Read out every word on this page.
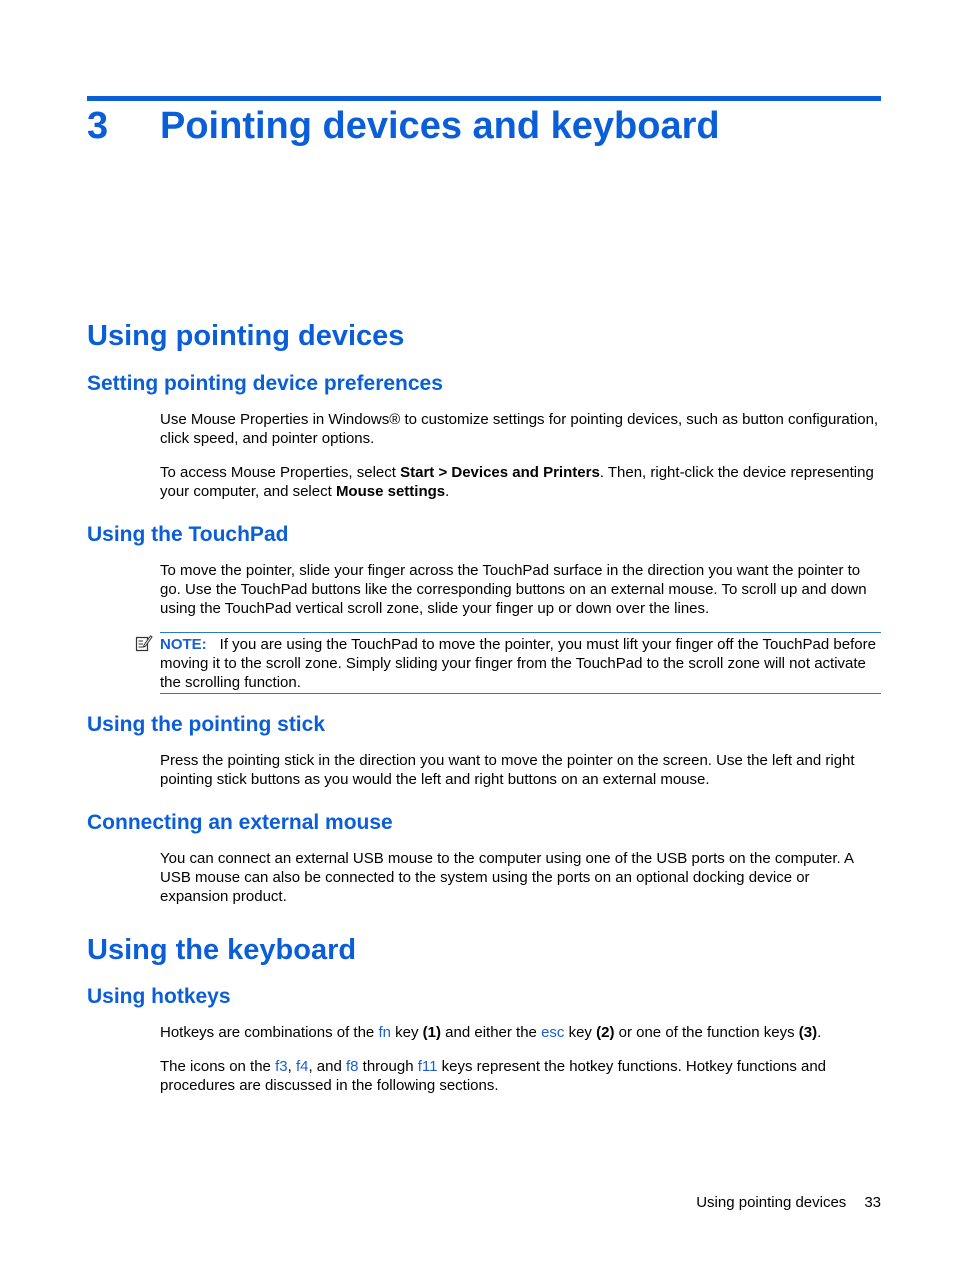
3 Pointing devices and keyboard
Using pointing devices
Setting pointing device preferences

Use Mouse Properties in Windows® to customize settings for pointing devices, such as button configuration, click speed, and pointer options.

To access Mouse Properties, select Start > Devices and Printers. Then, right-click the device representing your computer, and select Mouse settings.

Using the TouchPad

To move the pointer, slide your finger across the TouchPad surface in the direction you want the pointer to go. Use the TouchPad buttons like the corresponding buttons on an external mouse. To scroll up and down using the TouchPad vertical scroll zone, slide your finger up or down over the lines.

NOTE: If you are using the TouchPad to move the pointer, you must lift your finger off the TouchPad before moving it to the scroll zone. Simply sliding your finger from the TouchPad to the scroll zone will not activate the scrolling function.
Using the pointing stick

Press the pointing stick in the direction you want to move the pointer on the screen. Use the left and right pointing stick buttons as you would the left and right buttons on an external mouse.

Connecting an external mouse

You can connect an external USB mouse to the computer using one of the USB ports on the computer. A USB mouse can also be connected to the system using the ports on an optional docking device or expansion product.

Using the keyboard
Using hotkeys

Hotkeys are combinations of the fn key (1) and either the esc key (2) or one of the function keys (3).

The icons on the f3, f4, and f8 through f11 keys represent the hotkey functions. Hotkey functions and procedures are discussed in the following sections.

Using pointing devices 33
